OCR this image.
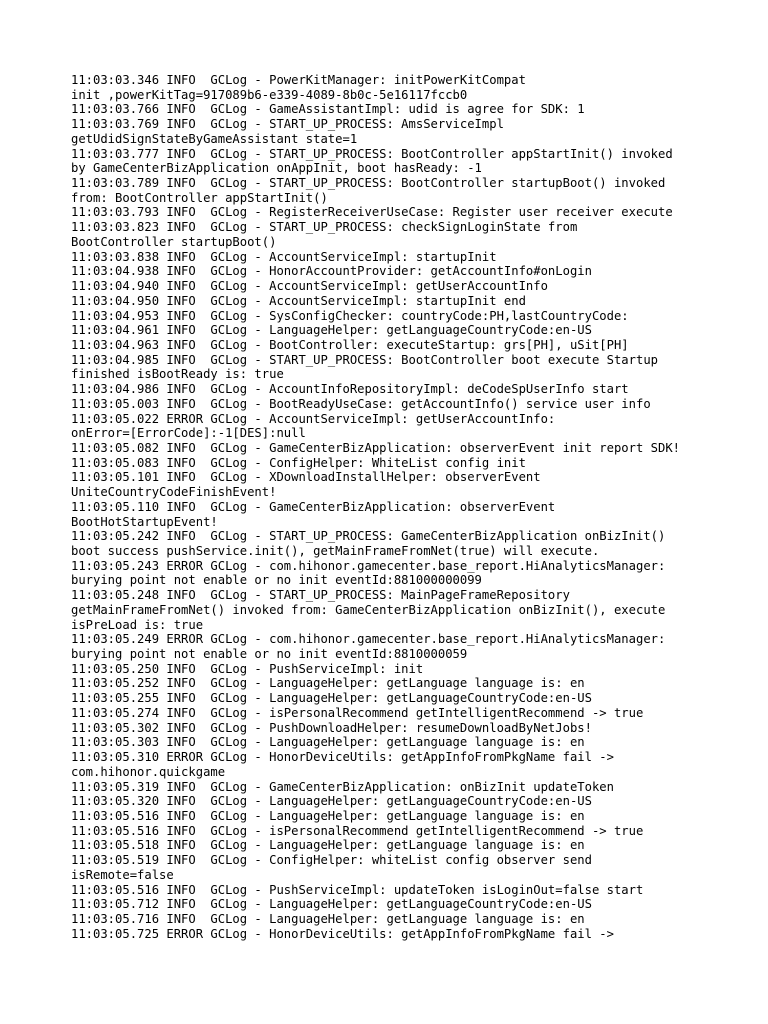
11:03:03.346 INFO  GCLog - PowerKitManager: initPowerKitCompat
init ,powerKitTag=917089b6-e339-4089-8b0c-5e16117fccb0
11:03:03.766 INFO  GCLog - GameAssistantImpl: udid is agree for SDK: 1
11:03:03.769 INFO  GCLog - START_UP_PROCESS: AmsServiceImpl
getUdidSignStateByGameAssistant state=1
11:03:03.777 INFO  GCLog - START_UP_PROCESS: BootController appStartInit() invoked
by GameCenterBizApplication onAppInit, boot hasReady: -1
11:03:03.789 INFO  GCLog - START_UP_PROCESS: BootController startupBoot() invoked
from: BootController appStartInit()
11:03:03.793 INFO  GCLog - RegisterReceiverUseCase: Register user receiver execute
11:03:03.823 INFO  GCLog - START_UP_PROCESS: checkSignLoginState from
BootController startupBoot()
11:03:03.838 INFO  GCLog - AccountServiceImpl: startupInit
11:03:04.938 INFO  GCLog - HonorAccountProvider: getAccountInfo#onLogin
11:03:04.940 INFO  GCLog - AccountServiceImpl: getUserAccountInfo
11:03:04.950 INFO  GCLog - AccountServiceImpl: startupInit end
11:03:04.953 INFO  GCLog - SysConfigChecker: countryCode:PH,lastCountryCode:
11:03:04.961 INFO  GCLog - LanguageHelper: getLanguageCountryCode:en-US
11:03:04.963 INFO  GCLog - BootController: executeStartup: grs[PH], uSit[PH]
11:03:04.985 INFO  GCLog - START_UP_PROCESS: BootController boot execute Startup
finished isBootReady is: true
11:03:04.986 INFO  GCLog - AccountInfoRepositoryImpl: deCodeSpUserInfo start
11:03:05.003 INFO  GCLog - BootReadyUseCase: getAccountInfo() service user info
11:03:05.022 ERROR GCLog - AccountServiceImpl: getUserAccountInfo:
onError=[ErrorCode]:-1[DES]:null
11:03:05.082 INFO  GCLog - GameCenterBizApplication: observerEvent init report SDK!
11:03:05.083 INFO  GCLog - ConfigHelper: WhiteList config init
11:03:05.101 INFO  GCLog - XDownloadInstallHelper: observerEvent
UniteCountryCodeFinishEvent!
11:03:05.110 INFO  GCLog - GameCenterBizApplication: observerEvent
BootHotStartupEvent!
11:03:05.242 INFO  GCLog - START_UP_PROCESS: GameCenterBizApplication onBizInit()
boot success pushService.init(), getMainFrameFromNet(true) will execute.
11:03:05.243 ERROR GCLog - com.hihonor.gamecenter.base_report.HiAnalyticsManager:
burying point not enable or no init eventId:881000000099
11:03:05.248 INFO  GCLog - START_UP_PROCESS: MainPageFrameRepository
getMainFrameFromNet() invoked from: GameCenterBizApplication onBizInit(), execute
isPreLoad is: true
11:03:05.249 ERROR GCLog - com.hihonor.gamecenter.base_report.HiAnalyticsManager:
burying point not enable or no init eventId:8810000059
11:03:05.250 INFO  GCLog - PushServiceImpl: init
11:03:05.252 INFO  GCLog - LanguageHelper: getLanguage language is: en
11:03:05.255 INFO  GCLog - LanguageHelper: getLanguageCountryCode:en-US
11:03:05.274 INFO  GCLog - isPersonalRecommend getIntelligentRecommend -> true
11:03:05.302 INFO  GCLog - PushDownloadHelper: resumeDownloadByNetJobs!
11:03:05.303 INFO  GCLog - LanguageHelper: getLanguage language is: en
11:03:05.310 ERROR GCLog - HonorDeviceUtils: getAppInfoFromPkgName fail ->
com.hihonor.quickgame
11:03:05.319 INFO  GCLog - GameCenterBizApplication: onBizInit updateToken
11:03:05.320 INFO  GCLog - LanguageHelper: getLanguageCountryCode:en-US
11:03:05.516 INFO  GCLog - LanguageHelper: getLanguage language is: en
11:03:05.516 INFO  GCLog - isPersonalRecommend getIntelligentRecommend -> true
11:03:05.518 INFO  GCLog - LanguageHelper: getLanguage language is: en
11:03:05.519 INFO  GCLog - ConfigHelper: whiteList config observer send
isRemote=false
11:03:05.516 INFO  GCLog - PushServiceImpl: updateToken isLoginOut=false start
11:03:05.712 INFO  GCLog - LanguageHelper: getLanguageCountryCode:en-US
11:03:05.716 INFO  GCLog - LanguageHelper: getLanguage language is: en
11:03:05.725 ERROR GCLog - HonorDeviceUtils: getAppInfoFromPkgName fail ->
